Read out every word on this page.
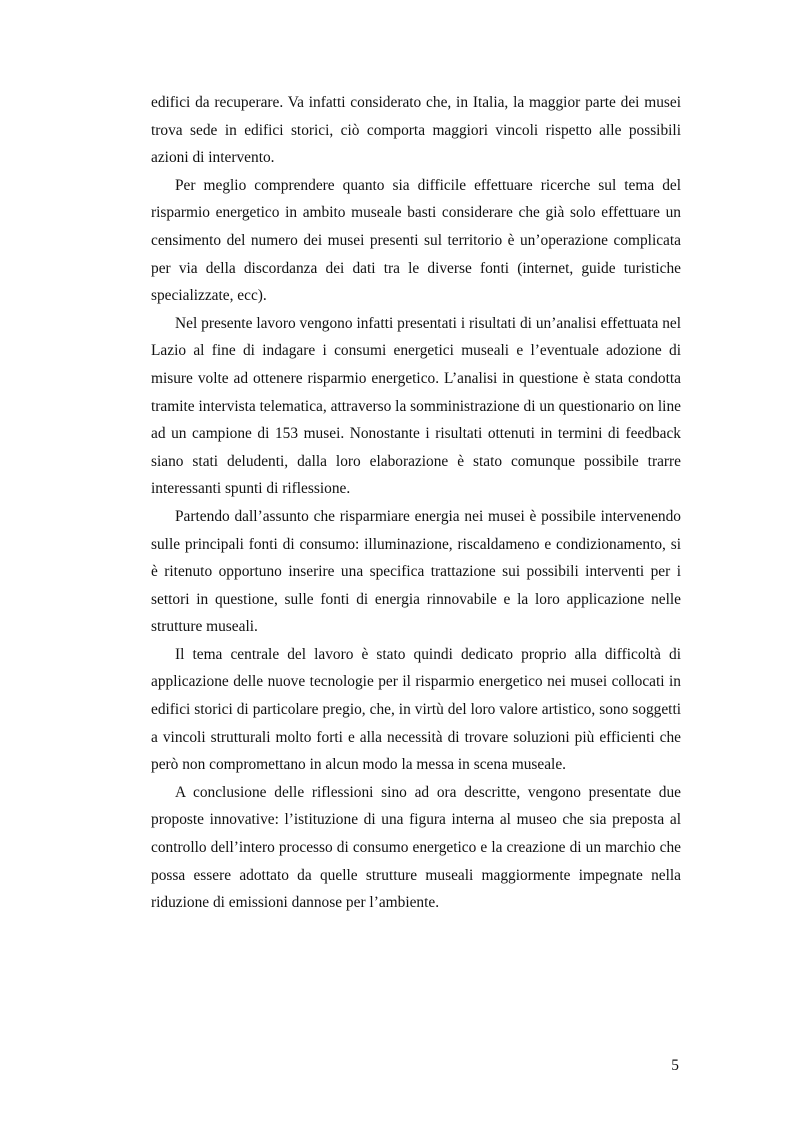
edifici da recuperare. Va infatti considerato che, in Italia, la maggior parte dei musei trova sede in edifici storici, ciò comporta maggiori vincoli rispetto alle possibili azioni di intervento.

Per meglio comprendere quanto sia difficile effettuare ricerche sul tema del risparmio energetico in ambito museale basti considerare che già solo effettuare un censimento del numero dei musei presenti sul territorio è un’operazione complicata per via della discordanza dei dati tra le diverse fonti (internet, guide turistiche specializzate, ecc).

Nel presente lavoro vengono infatti presentati i risultati di un’analisi effettuata nel Lazio al fine di indagare i consumi energetici museali e l’eventuale adozione di misure volte ad ottenere risparmio energetico. L’analisi in questione è stata condotta tramite intervista telematica, attraverso la somministrazione di un questionario on line ad un campione di 153 musei. Nonostante i risultati ottenuti in termini di feedback siano stati deludenti, dalla loro elaborazione è stato comunque possibile trarre interessanti spunti di riflessione.

Partendo dall’assunto che risparmiare energia nei musei è possibile intervenendo sulle principali fonti di consumo: illuminazione, riscaldameno e condizionamento, si è ritenuto opportuno inserire una specifica trattazione sui possibili interventi per i settori in questione, sulle fonti di energia rinnovabile e la loro applicazione nelle strutture museali.

Il tema centrale del lavoro è stato quindi dedicato proprio alla difficoltà di applicazione delle nuove tecnologie per il risparmio energetico nei musei collocati in edifici storici di particolare pregio, che, in virtù del loro valore artistico, sono soggetti a vincoli strutturali molto forti e alla necessità di trovare soluzioni più efficienti che però non compromettano in alcun modo la messa in scena museale.

A conclusione delle riflessioni sino ad ora descritte, vengono presentate due proposte innovative: l’istituzione di una figura interna al museo che sia preposta al controllo dell’intero processo di consumo energetico e la creazione di un marchio che possa essere adottato da quelle strutture museali maggiormente impegnate nella riduzione di emissioni dannose per l’ambiente.

5
